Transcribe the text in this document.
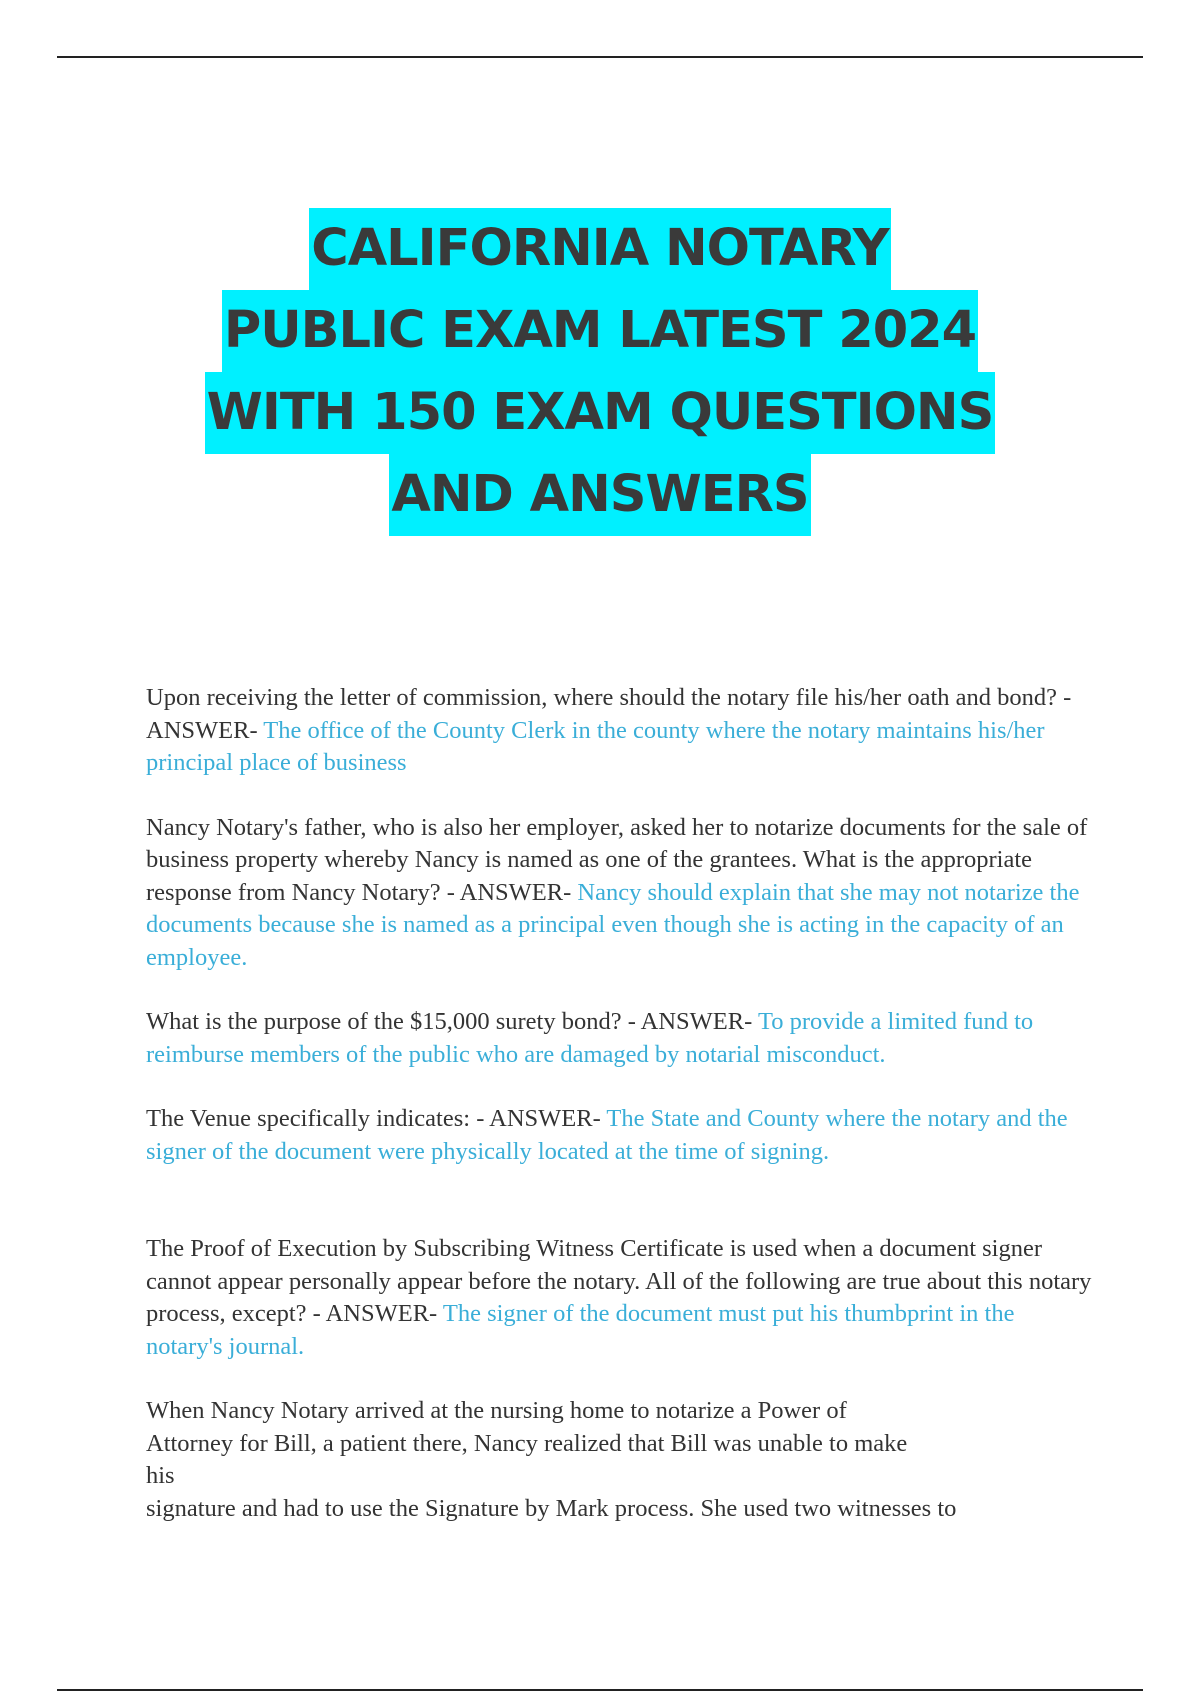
CALIFORNIA NOTARY
PUBLIC EXAM LATEST 2024
WITH 150 EXAM QUESTIONS
AND ANSWERS

Upon receiving the letter of commission, where should the notary file his/her oath and bond? - ANSWER- The office of the County Clerk in the county where the notary maintains his/her principal place of business

Nancy Notary's father, who is also her employer, asked her to notarize documents for the sale of business property whereby Nancy is named as one of the grantees. What is the appropriate response from Nancy Notary? - ANSWER- Nancy should explain that she may not notarize the documents because she is named as a principal even though she is acting in the capacity of an employee.

What is the purpose of the $15,000 surety bond? - ANSWER- To provide a limited fund to reimburse members of the public who are damaged by notarial misconduct.

The Venue specifically indicates: - ANSWER- The State and County where the notary and the signer of the document were physically located at the time of signing.

The Proof of Execution by Subscribing Witness Certificate is used when a document signer cannot appear personally appear before the notary. All of the following are true about this notary process, except? - ANSWER- The signer of the document must put his thumbprint in the notary's journal.

When Nancy Notary arrived at the nursing home to notarize a Power of
Attorney for Bill, a patient there, Nancy realized that Bill was unable to make
his
signature and had to use the Signature by Mark process. She used two witnesses to
